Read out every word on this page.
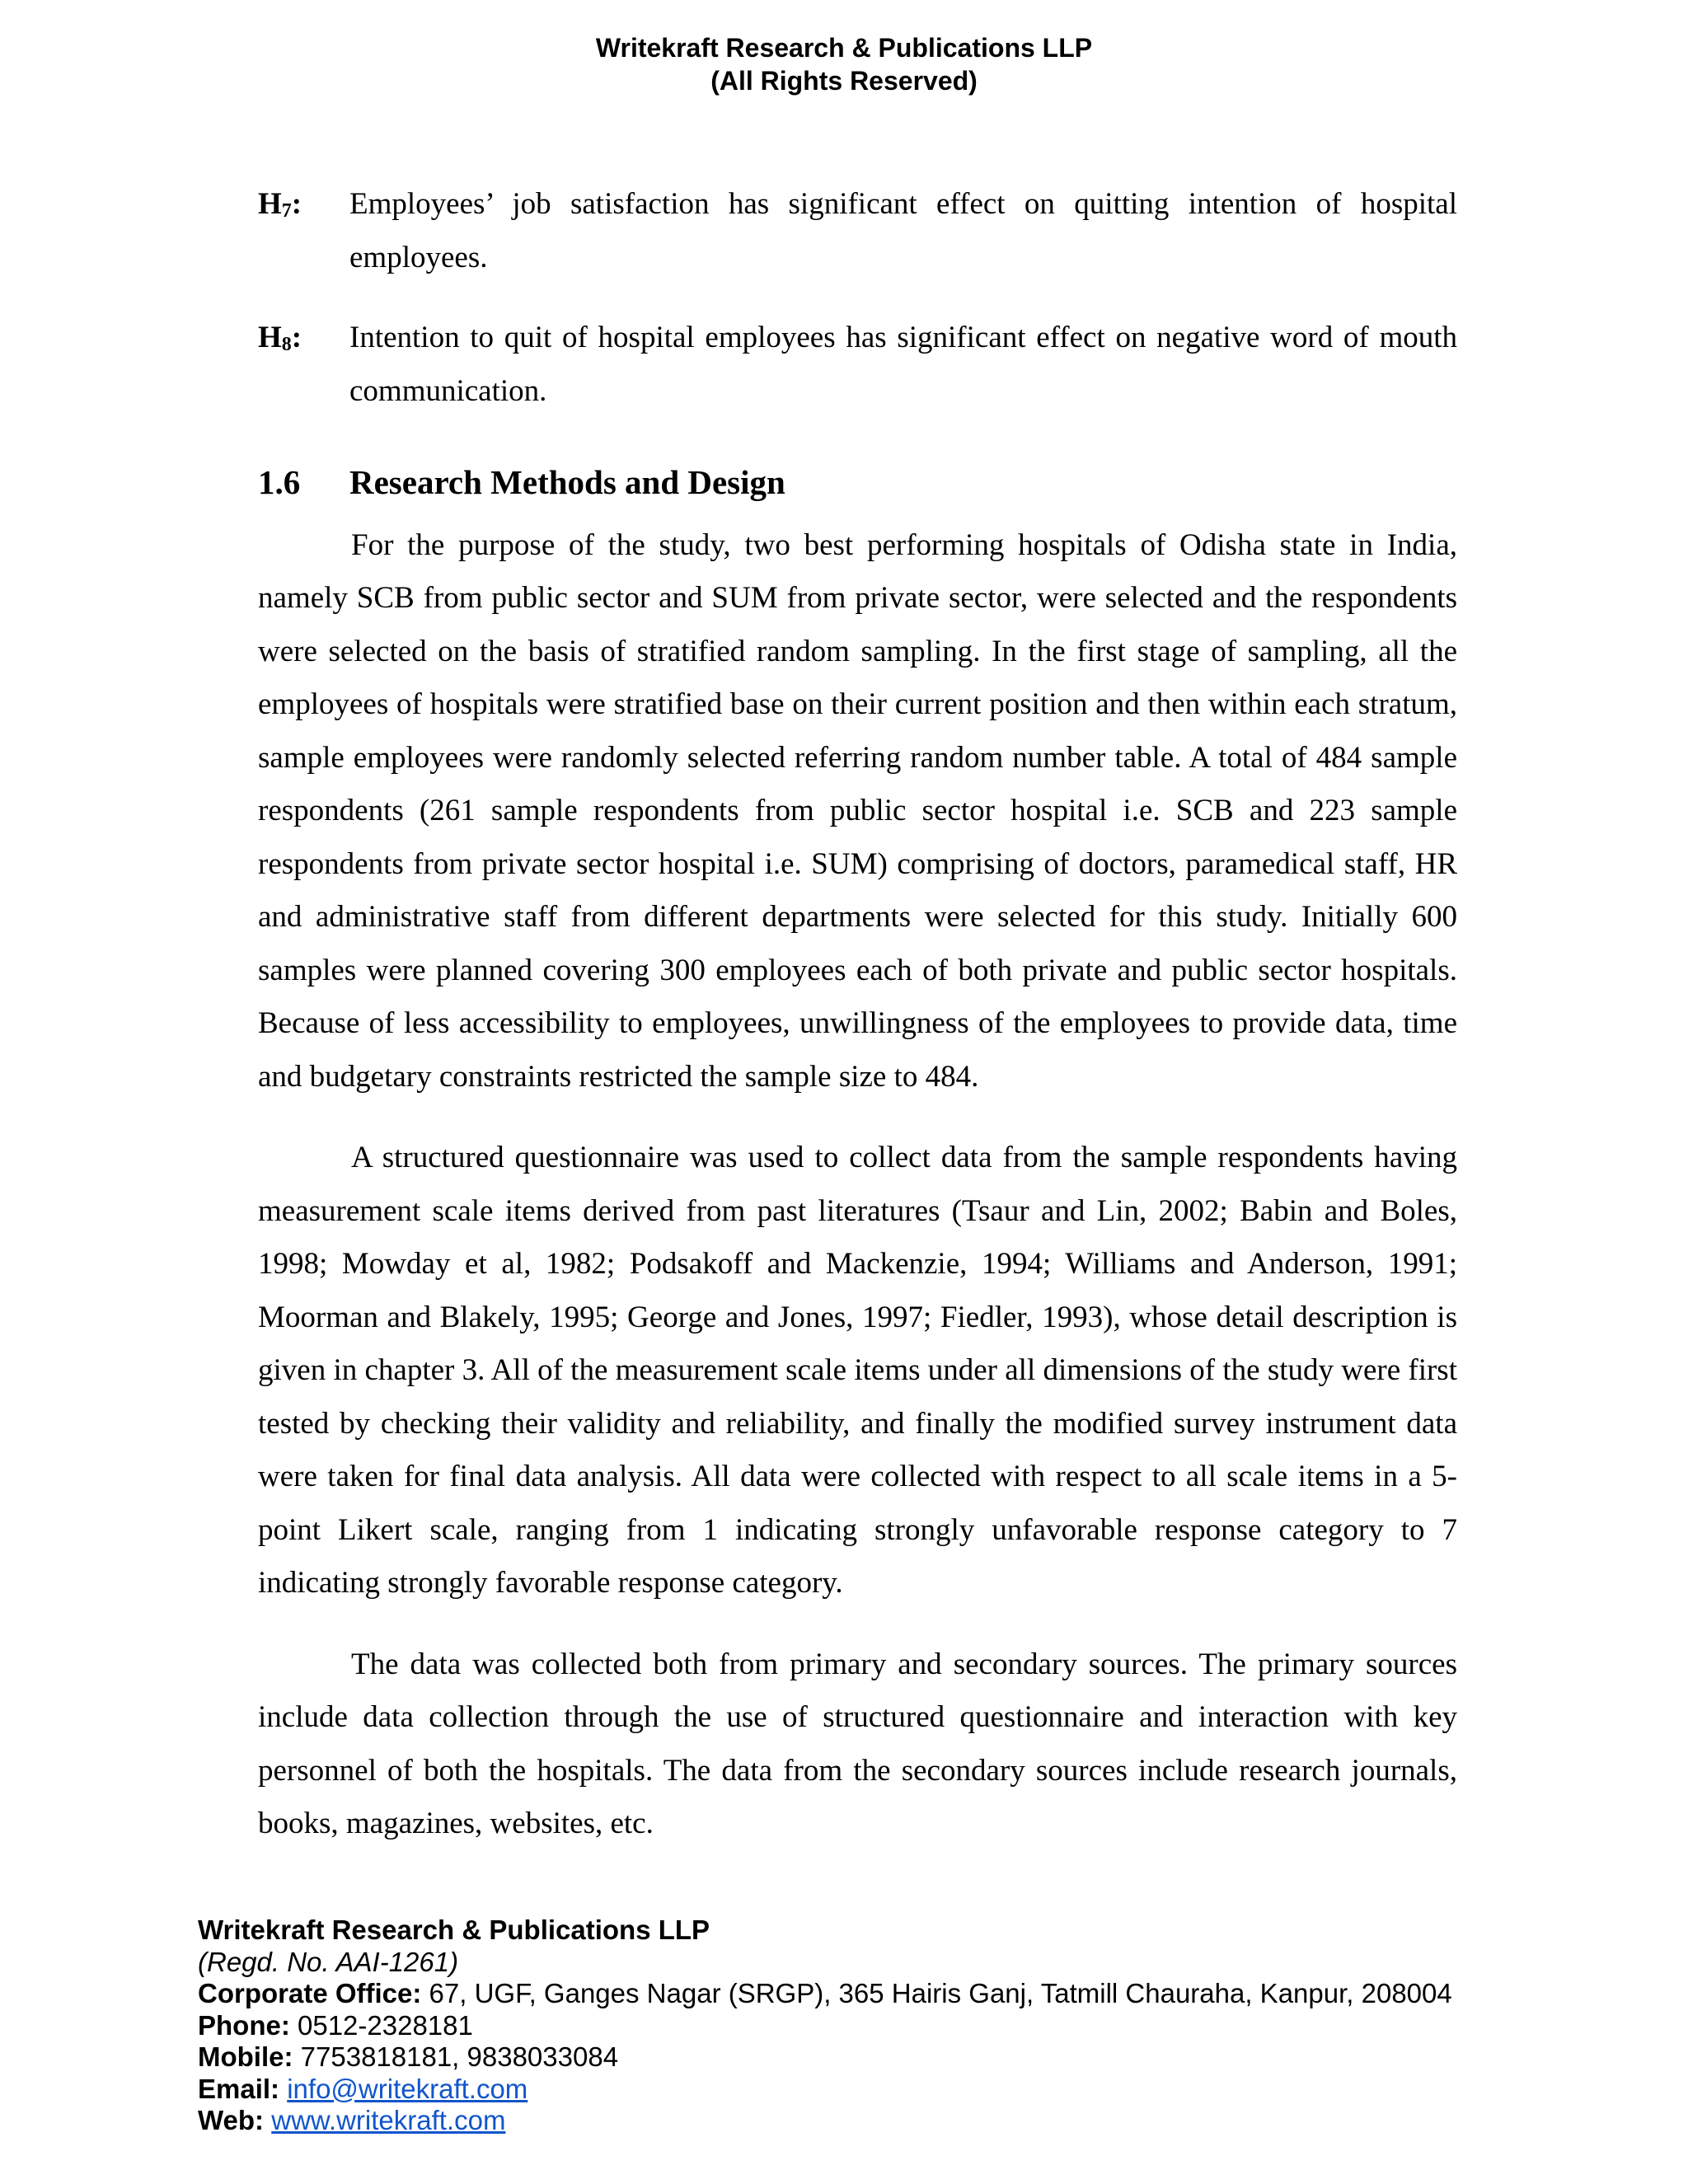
Writekraft Research & Publications LLP
(All Rights Reserved)
$H_7$:	Employees’ job satisfaction has significant effect on quitting intention of hospital employees.
$H_8$:	Intention to quit of hospital employees has significant effect on negative word of mouth communication.
1.6	Research Methods and Design

For the purpose of the study, two best performing hospitals of Odisha state in India, namely SCB from public sector and SUM from private sector, were selected and the respondents were selected on the basis of stratified random sampling. In the first stage of sampling, all the employees of hospitals were stratified base on their current position and then within each stratum, sample employees were randomly selected referring random number table. A total of 484 sample respondents (261 sample respondents from public sector hospital i.e. SCB and 223 sample respondents from private sector hospital i.e. SUM) comprising of doctors, paramedical staff, HR and administrative staff from different departments were selected for this study. Initially 600 samples were planned covering 300 employees each of both private and public sector hospitals. Because of less accessibility to employees, unwillingness of the employees to provide data, time and budgetary constraints restricted the sample size to 484.

A structured questionnaire was used to collect data from the sample respondents having measurement scale items derived from past literatures (Tsaur and Lin, 2002; Babin and Boles, 1998; Mowday et al, 1982; Podsakoff and Mackenzie, 1994; Williams and Anderson, 1991; Moorman and Blakely, 1995; George and Jones, 1997; Fiedler, 1993), whose detail description is given in chapter 3. All of the measurement scale items under all dimensions of the study were first tested by checking their validity and reliability, and finally the modified survey instrument data were taken for final data analysis. All data were collected with respect to all scale items in a 5-point Likert scale, ranging from 1 indicating strongly unfavorable response category to 7 indicating strongly favorable response category.

The data was collected both from primary and secondary sources. The primary sources include data collection through the use of structured questionnaire and interaction with key personnel of both the hospitals. The data from the secondary sources include research journals, books, magazines, websites, etc.

Writekraft Research & Publications LLP
(Regd. No. AAI-1261)
Corporate Office: 67, UGF, Ganges Nagar (SRGP), 365 Hairis Ganj, Tatmill Chauraha, Kanpur, 208004
Phone: 0512-2328181
Mobile: 7753818181, 9838033084
Email: info@writekraft.com
Web: www.writekraft.com
